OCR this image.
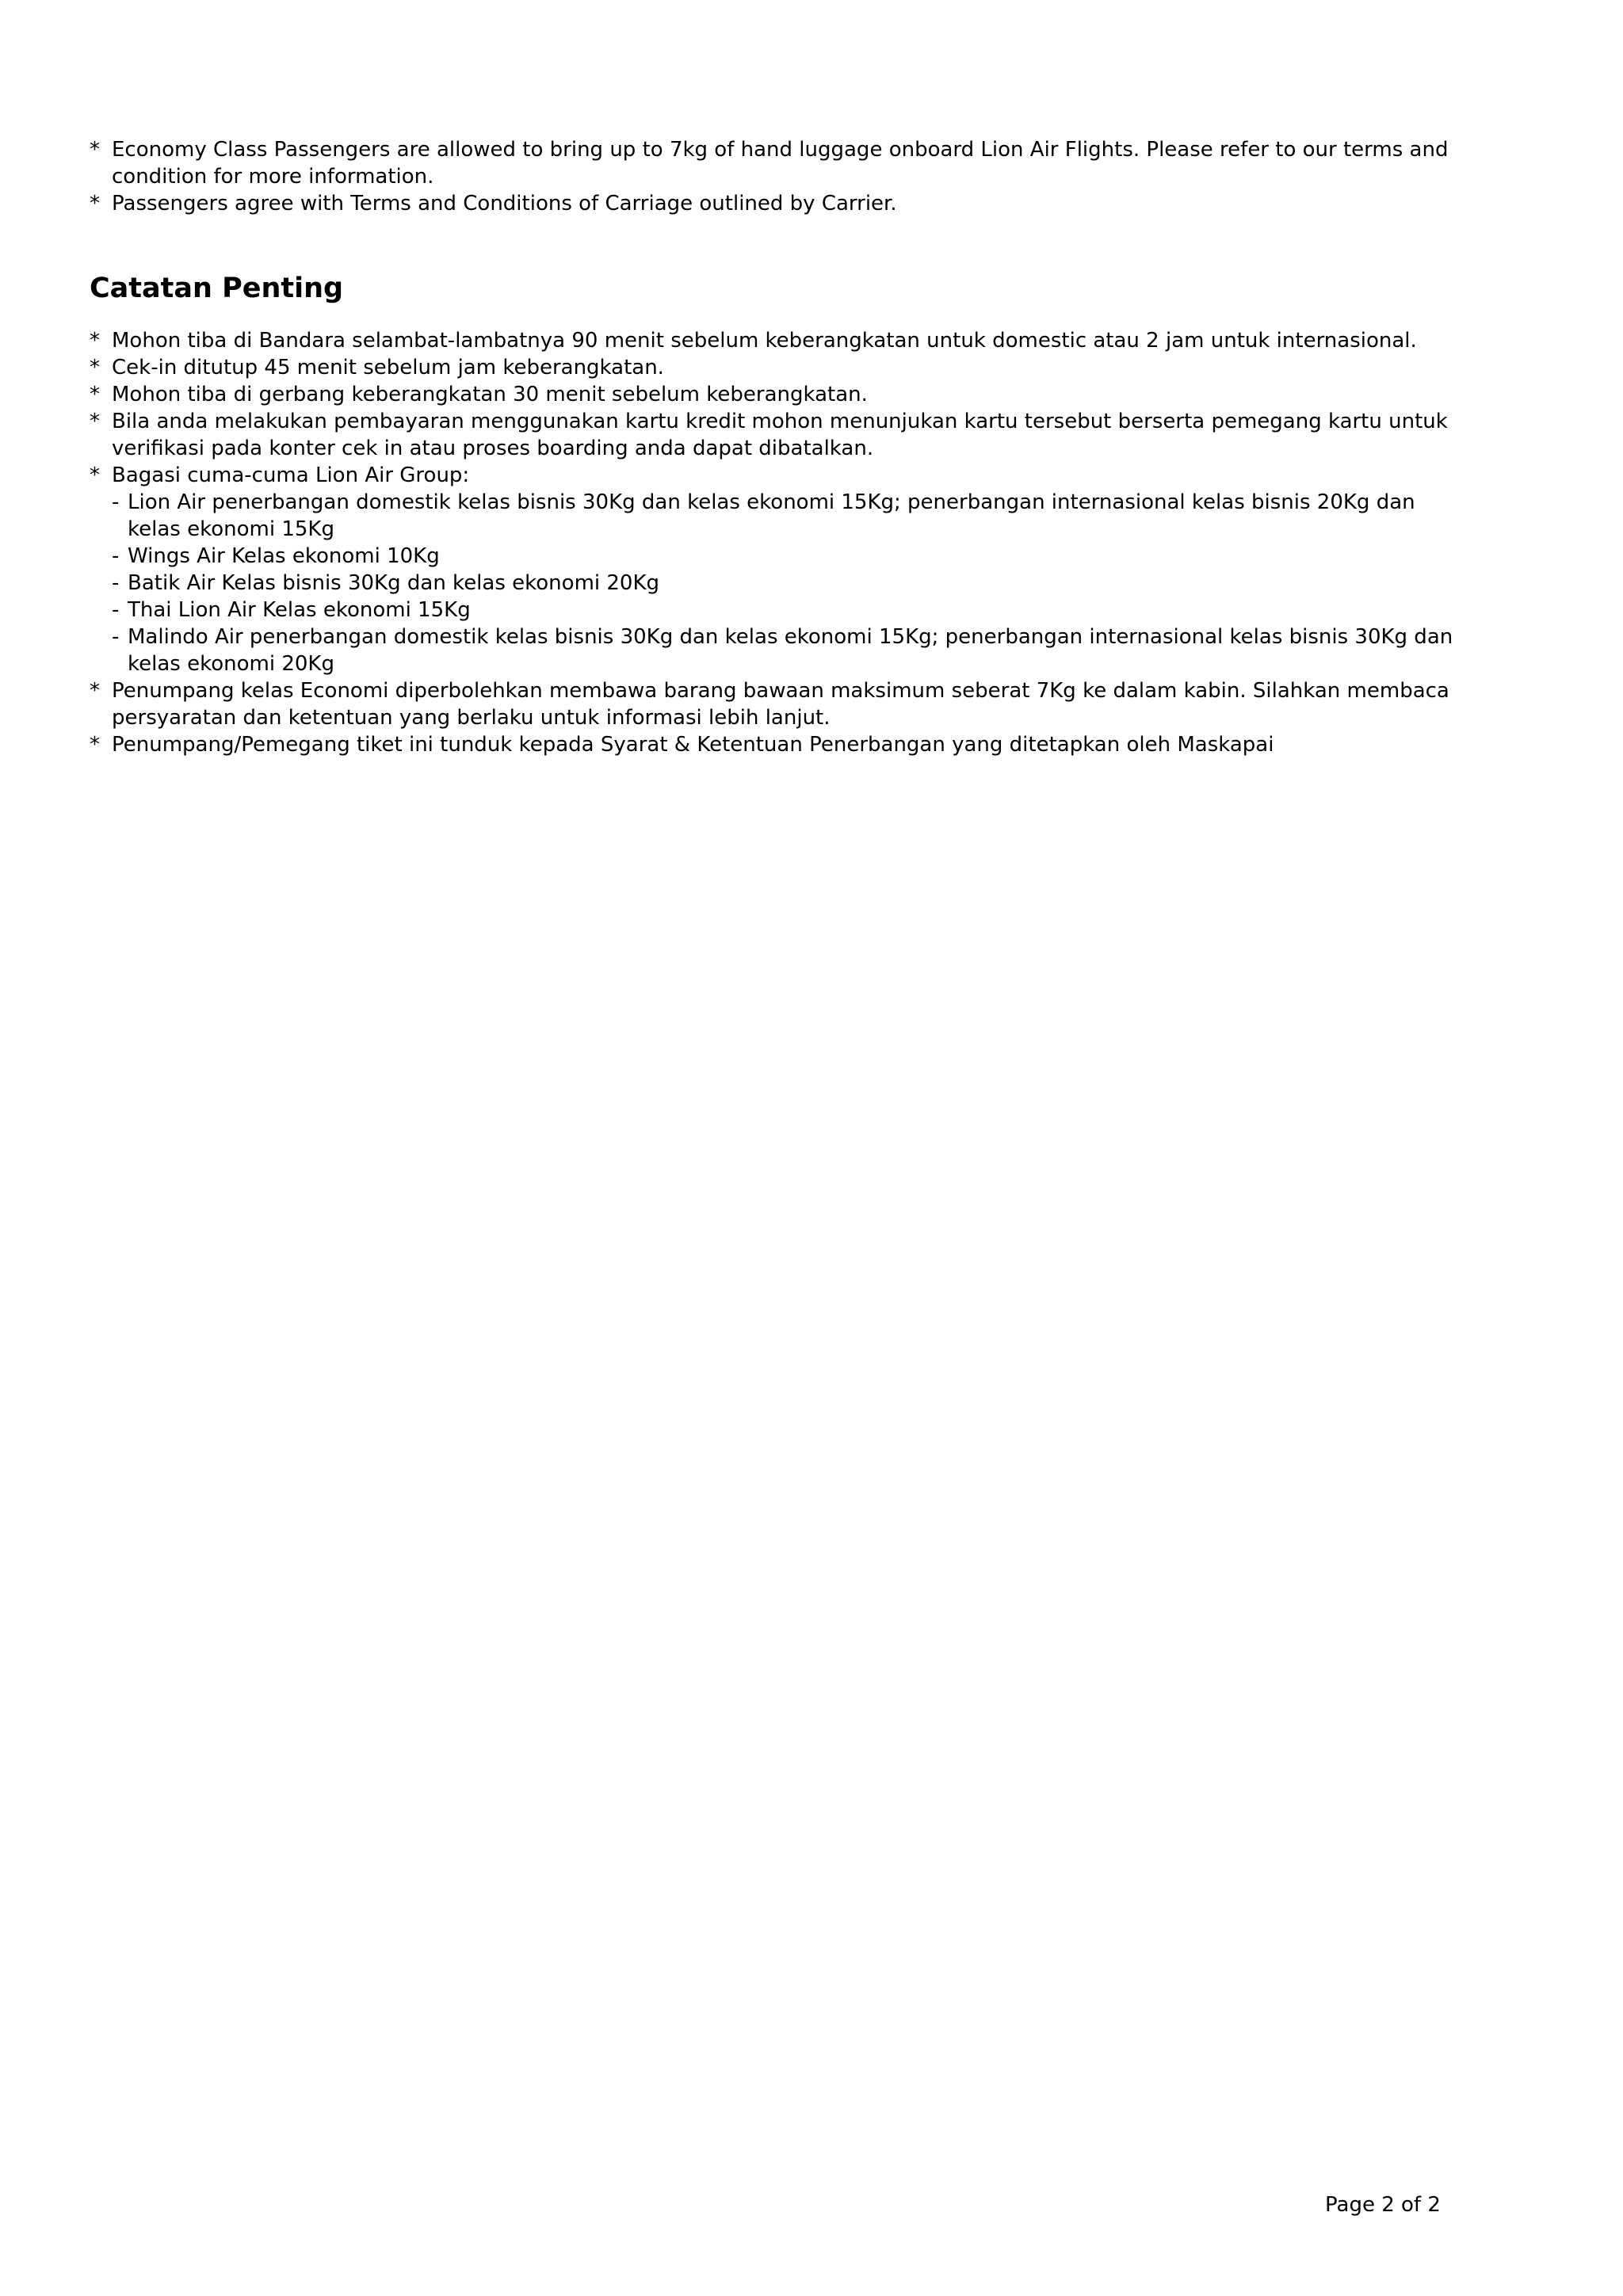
* Economy Class Passengers are allowed to bring up to 7kg of hand luggage onboard Lion Air Flights. Please refer to our terms and
condition for more information.
* Passengers agree with Terms and Conditions of Carriage outlined by Carrier.
Catatan Penting
* Mohon tiba di Bandara selambat-lambatnya 90 menit sebelum keberangkatan untuk domestic atau 2 jam untuk internasional.
* Cek-in ditutup 45 menit sebelum jam keberangkatan.
* Mohon tiba di gerbang keberangkatan 30 menit sebelum keberangkatan.
* Bila anda melakukan pembayaran menggunakan kartu kredit mohon menunjukan kartu tersebut berserta pemegang kartu untuk
verifikasi pada konter cek in atau proses boarding anda dapat dibatalkan.
* Bagasi cuma-cuma Lion Air Group:
- Lion Air penerbangan domestik kelas bisnis 30Kg dan kelas ekonomi 15Kg; penerbangan internasional kelas bisnis 20Kg dan
kelas ekonomi 15Kg
- Wings Air Kelas ekonomi 10Kg
- Batik Air Kelas bisnis 30Kg dan kelas ekonomi 20Kg
- Thai Lion Air Kelas ekonomi 15Kg
- Malindo Air penerbangan domestik kelas bisnis 30Kg dan kelas ekonomi 15Kg; penerbangan internasional kelas bisnis 30Kg dan
kelas ekonomi 20Kg
* Penumpang kelas Economi diperbolehkan membawa barang bawaan maksimum seberat 7Kg ke dalam kabin. Silahkan membaca
persyaratan dan ketentuan yang berlaku untuk informasi lebih lanjut.
* Penumpang/Pemegang tiket ini tunduk kepada Syarat & Ketentuan Penerbangan yang ditetapkan oleh Maskapai
Page 2 of 2
